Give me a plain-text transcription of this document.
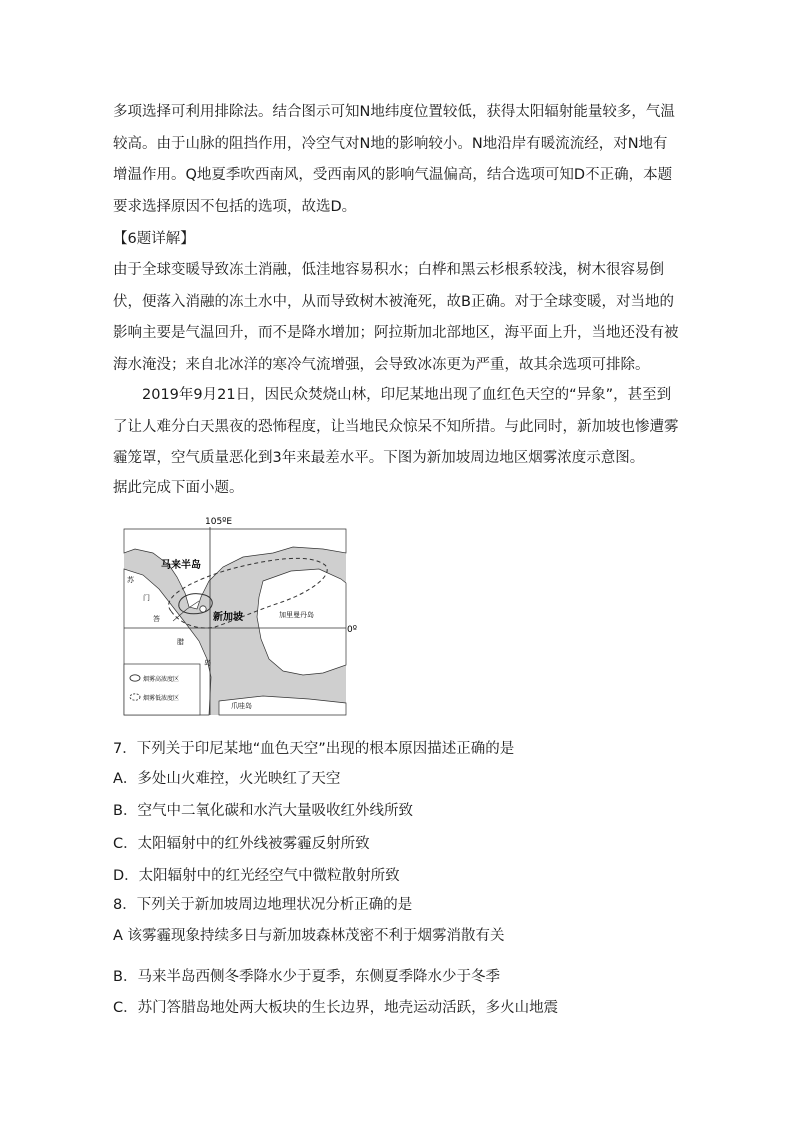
多项选择可利用排除法。结合图示可知N地纬度位置较低，获得太阳辐射能量较多，气温较高。由于山脉的阻挡作用，冷空气对N地的影响较小。N地沿岸有暖流流经，对N地有增温作用。Q地夏季吹西南风，受西南风的影响气温偏高，结合选项可知D不正确，本题要求选择原因不包括的选项，故选D。

【6题详解】

由于全球变暖导致冻土消融，低洼地容易积水；白桦和黑云杉根系较浅，树木很容易倒伏，便落入消融的冻土水中，从而导致树木被淹死，故B正确。对于全球变暖，对当地的影响主要是气温回升，而不是降水增加；阿拉斯加北部地区，海平面上升，当地还没有被海水淹没；来自北冰洋的寒冷气流增强，会导致冰冻更为严重，故其余选项可排除。

2019年9月21日，因民众焚烧山林，印尼某地出现了血红色天空的“异象”，甚至到了让人难分白天黑夜的恐怖程度，让当地民众惊呆不知所措。与此同时，新加坡也惨遭雾霾笼罩，空气质量恶化到3年来最差水平。下图为新加坡周边地区烟雾浓度示意图。

据此完成下面小题。

105ºE
0º
马来半岛
新加坡
苏
门
答
腊
岛
加里曼丹岛
爪哇岛
烟雾高浓度区
烟雾低浓度区

7．下列关于印尼某地“血色天空”出现的根本原因描述正确的是

A．多处山火难控，火光映红了天空

B．空气中二氧化碳和水汽大量吸收红外线所致

C．太阳辐射中的红外线被雾霾反射所致

D．太阳辐射中的红光经空气中微粒散射所致

8．下列关于新加坡周边地理状况分析正确的是

A 该雾霾现象持续多日与新加坡森林茂密不利于烟雾消散有关

B．马来半岛西侧冬季降水少于夏季，东侧夏季降水少于冬季

C．苏门答腊岛地处两大板块的生长边界，地壳运动活跃，多火山地震
